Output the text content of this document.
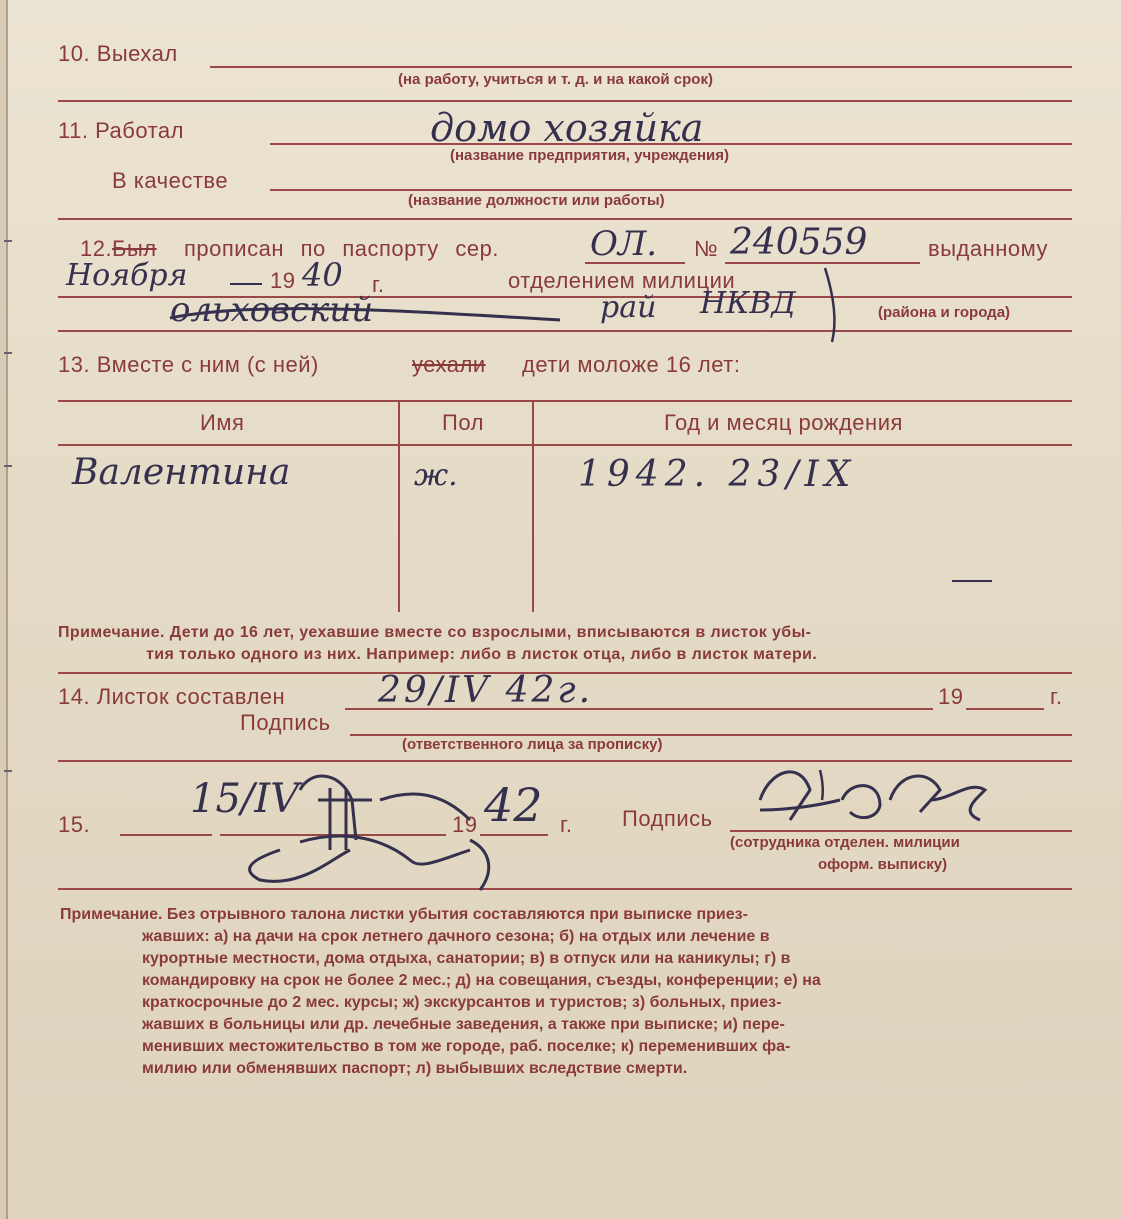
10. Выехал
(на работу, учиться и т. д. и на какой срок)
11. Работал	домо хозяйка
(название предприятия, учреждения)
В качестве
(название должности или работы)
12. Был прописан по паспорту сер.	ОЛ. № 240559	выданному
Ноября	19 40 г.	отделением милиции
ольховский	рай НКВД	(района и города)
13. Вместе с ним (с ней)	уехали дети моложе 16 лет:
Имя	Пол	Год и месяц рождения
Валентина	ж.	1942. 23/IX
Примечание. Дети до 16 лет, уехавшие вместе со взрослыми, вписываются в листок убы-
тия только одного из них. Например: либо в листок отца, либо в листок матери.
14. Листок составлен	29/IV 42г.	19	г.
Подпись
(ответственного лица за прописку)
15.
15/IV
19 42 г. Подпись
(сотрудника отделен. милиции
оформ. выписку)
Примечание. Без отрывного талона листки убытия составляются при выписке приез-
жавших: а) на дачи на срок летнего дачного сезона; б) на отдых или лечение в
курортные местности, дома отдыха, санатории; в) в отпуск или на каникулы; г) в
командировку на срок не более 2 мес.; д) на совещания, съезды, конференции; е) на
краткосрочные до 2 мес. курсы; ж) экскурсантов и туристов; з) больных, приез-
жавших в больницы или др. лечебные заведения, а также при выписке; и) пере-
менивших местожительство в том же городе, раб. поселке; к) переменивших фа-
милию или обменявших паспорт; л) выбывших вследствие смерти.
